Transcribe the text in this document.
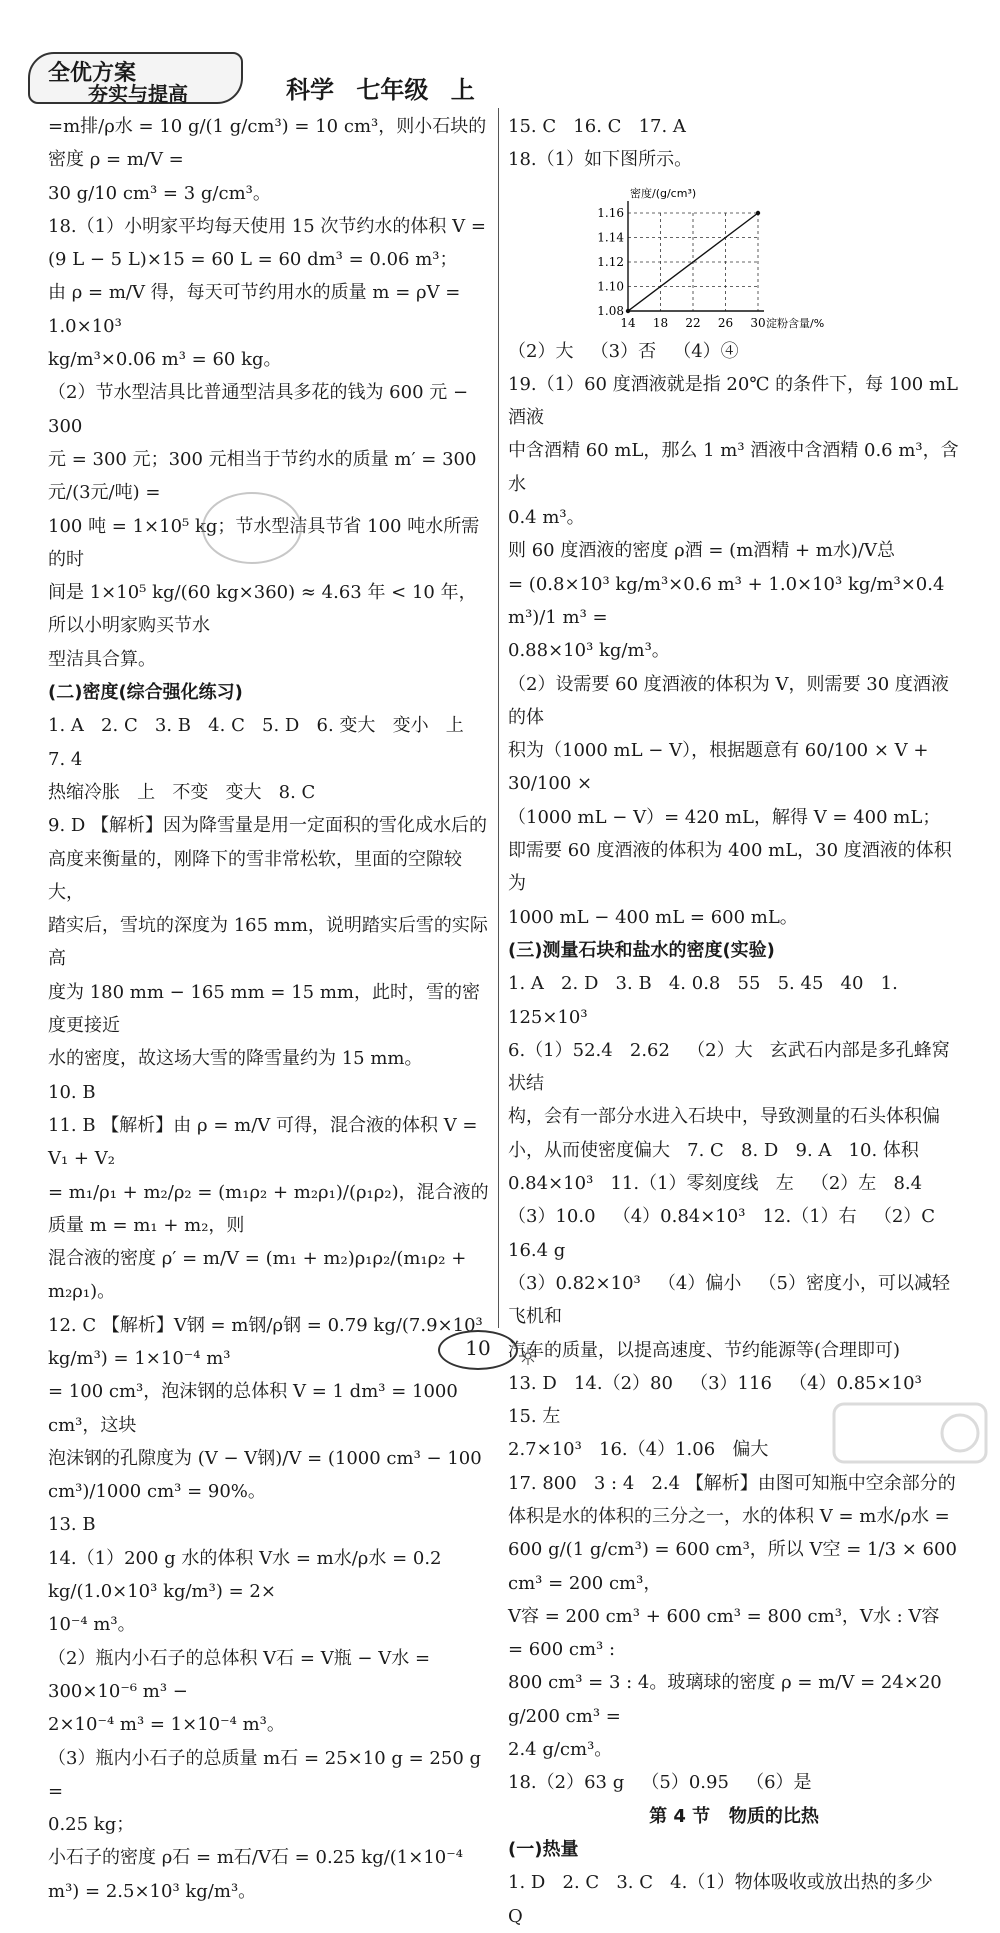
全优方案
夯实与提高	科学 七年级 上
=m排/ρ水 = 10 g/(1 g/cm³) = 10 cm³，则小石块的密度 ρ = m/V =
30 g/10 cm³ = 3 g/cm³。
18.（1）小明家平均每天使用 15 次节约水的体积 V =
(9 L − 5 L)×15 = 60 L = 60 dm³ = 0.06 m³；
由 ρ = m/V 得，每天可节约用水的质量 m = ρV = 1.0×10³
kg/m³×0.06 m³ = 60 kg。
（2）节水型洁具比普通型洁具多花的钱为 600 元 − 300
元 = 300 元；300 元相当于节约水的质量 m′ = 300元/(3元/吨) =
100 吨 = 1×10⁵ kg；节水型洁具节省 100 吨水所需的时
间是 1×10⁵ kg/(60 kg×360) ≈ 4.63 年 < 10 年，所以小明家购买节水
型洁具合算。
(二)密度(综合强化练习)
1. A   2. C   3. B   4. C   5. D   6. 变大   变小   上   7. 4
热缩冷胀   上   不变   变大   8. C
9. D 【解析】因为降雪量是用一定面积的雪化成水后的
高度来衡量的，刚降下的雪非常松软，里面的空隙较大，
踏实后，雪坑的深度为 165 mm，说明踏实后雪的实际高
度为 180 mm − 165 mm = 15 mm，此时，雪的密度更接近
水的密度，故这场大雪的降雪量约为 15 mm。
10. B
11. B 【解析】由 ρ = m/V 可得，混合液的体积 V = V₁ + V₂
= m₁/ρ₁ + m₂/ρ₂ = (m₁ρ₂ + m₂ρ₁)/(ρ₁ρ₂)，混合液的质量 m = m₁ + m₂，则
混合液的密度 ρ′ = m/V = (m₁ + m₂)ρ₁ρ₂/(m₁ρ₂ + m₂ρ₁)。
12. C 【解析】V钢 = m钢/ρ钢 = 0.79 kg/(7.9×10³ kg/m³) = 1×10⁻⁴ m³
= 100 cm³，泡沫钢的总体积 V = 1 dm³ = 1000 cm³，这块
泡沫钢的孔隙度为 (V − V钢)/V = (1000 cm³ − 100 cm³)/1000 cm³ = 90%。
13. B
14.（1）200 g 水的体积 V水 = m水/ρ水 = 0.2 kg/(1.0×10³ kg/m³) = 2×
10⁻⁴ m³。
（2）瓶内小石子的总体积 V石 = V瓶 − V水 = 300×10⁻⁶ m³ −
2×10⁻⁴ m³ = 1×10⁻⁴ m³。
（3）瓶内小石子的总质量 m石 = 25×10 g = 250 g =
0.25 kg；
小石子的密度 ρ石 = m石/V石 = 0.25 kg/(1×10⁻⁴ m³) = 2.5×10³ kg/m³。
15. C   16. C   17. A
18.（1）如下图所示。
14 18 22 26 30
1.08
1.10
1.12
1.14
1.16
密度/(g/cm³)
淀粉含量/%
（2）大   （3）否   （4）④
19.（1）60 度酒液就是指 20℃ 的条件下，每 100 mL 酒液
中含酒精 60 mL，那么 1 m³ 酒液中含酒精 0.6 m³，含水
0.4 m³。
则 60 度酒液的密度 ρ酒 = (m酒精 + m水)/V总
= (0.8×10³ kg/m³×0.6 m³ + 1.0×10³ kg/m³×0.4 m³)/1 m³ =
0.88×10³ kg/m³。
（2）设需要 60 度酒液的体积为 V，则需要 30 度酒液的体
积为（1000 mL − V），根据题意有 60/100 × V + 30/100 ×
（1000 mL − V）= 420 mL，解得 V = 400 mL；
即需要 60 度酒液的体积为 400 mL，30 度酒液的体积为
1000 mL − 400 mL = 600 mL。
(三)测量石块和盐水的密度(实验)
1. A   2. D   3. B   4. 0.8   55   5. 45   40   1. 125×10³
6.（1）52.4   2.62   （2）大   玄武石内部是多孔蜂窝状结
构，会有一部分水进入石块中，导致测量的石头体积偏
小，从而使密度偏大   7. C   8. D   9. A   10. 体积
0.84×10³   11.（1）零刻度线   左   （2）左   8.4
（3）10.0   （4）0.84×10³   12.（1）右   （2）C   16.4 g
（3）0.82×10³   （4）偏小   （5）密度小，可以减轻飞机和
汽车的质量，以提高速度、节约能源等(合理即可)
13. D   14.（2）80   （3）116   （4）0.85×10³   15. 左
2.7×10³   16.（4）1.06   偏大
17. 800   3 : 4   2.4 【解析】由图可知瓶中空余部分的
体积是水的体积的三分之一，水的体积 V = m水/ρ水 =
600 g/(1 g/cm³) = 600 cm³，所以 V空 = 1/3 × 600 cm³ = 200 cm³，
V容 = 200 cm³ + 600 cm³ = 800 cm³，V水 : V容 = 600 cm³ :
800 cm³ = 3 : 4。玻璃球的密度 ρ = m/V = 24×20 g/200 cm³ =
2.4 g/cm³。
18.（2）63 g   （5）0.95   （6）是
第 4 节   物质的比热
(一)热量
1. D   2. C   3. C   4.（1）物体吸收或放出热的多少   Q
10
